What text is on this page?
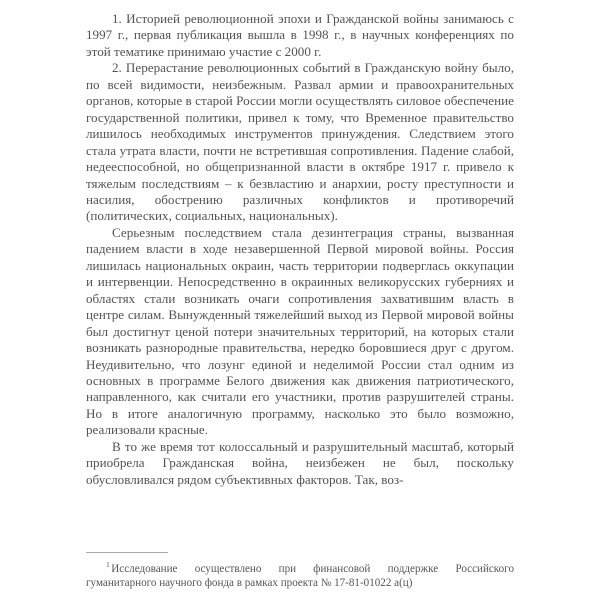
1. Историей революционной эпохи и Гражданской войны занимаюсь с 1997 г., первая публикация вышла в 1998 г., в научных конференциях по этой тематике принимаю участие с 2000 г.

2. Перерастание революционных событий в Гражданскую войну было, по всей видимости, неизбежным. Развал армии и правоохранительных органов, которые в старой России могли осуществлять силовое обеспечение государственной политики, привел к тому, что Временное правительство лишилось необходимых инструментов принуждения. Следствием этого стала утрата власти, почти не встретившая сопротивления. Падение слабой, недееспособной, но общепризнанной власти в октябре 1917 г. привело к тяжелым последствиям – к безвластию и анархии, росту преступности и насилия, обострению различных конфликтов и противоречий (политических, социальных, национальных).

Серьезным последствием стала дезинтеграция страны, вызванная падением власти в ходе незавершенной Первой мировой войны. Россия лишилась национальных окраин, часть территории подверглась оккупации и интервенции. Непосредственно в окраинных великорусских губерниях и областях стали возникать очаги сопротивления захватившим власть в центре силам. Вынужденный тяжелейший выход из Первой мировой войны был достигнут ценой потери значительных территорий, на которых стали возникать разнородные правительства, нередко боровшиеся друг с другом. Неудивительно, что лозунг единой и неделимой России стал одним из основных в программе Белого движения как движения патриотического, направленного, как считали его участники, против разрушителей страны. Но в итоге аналогичную программу, насколько это было возможно, реализовали красные.

В то же время тот колоссальный и разрушительный масштаб, который приобрела Гражданская война, неизбежен не был, поскольку обусловливался рядом субъективных факторов. Так, воз-

$^1$ Исследование осуществлено при финансовой поддержке Российского гуманитарного научного фонда в рамках проекта № 17-81-01022 а(ц)
